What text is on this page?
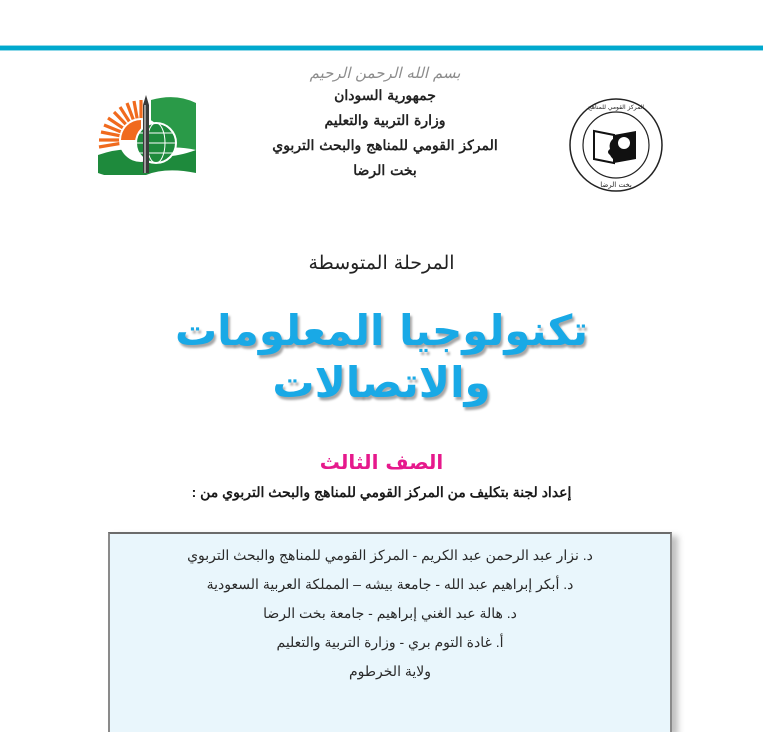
بخت الرضا
المركز القومي للمناهج
بسم الله الرحمن الرحيم
جمهورية السودان
وزارة التربية والتعليم
المركز القومي للمناهج والبحث التربوي
بخت الرضا
المرحلة المتوسطة
تكنولوجيا المعلومات
والاتصالات
الصف الثالث
إعداد لجنة بتكليف من المركز القومي للمناهج والبحث التربوي من :
د. نزار عبد الرحمن عبد الكريم - المركز القومي للمناهج والبحث التربوي
د. أبكر إبراهيم عبد الله - جامعة بيشه – المملكة العربية السعودية
د. هالة عبد الغني إبراهيم - جامعة بخت الرضا
أ. غادة التوم بري - وزارة التربية والتعليم
ولاية الخرطوم
